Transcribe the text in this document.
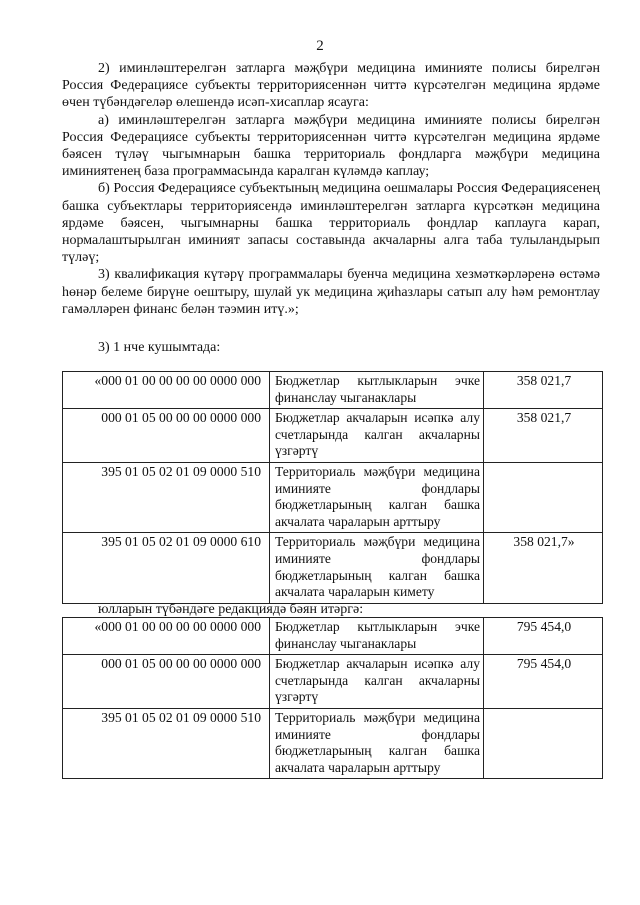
2

2) иминләштерелгән затларга мәҗбүри медицина иминияте полисы бирелгән Россия Федерациясе субъекты территориясеннән читтә күрсәтелгән медицина ярдәме өчен түбәндәгеләр өлешендә исәп-хисаплар ясауга:

а) иминләштерелгән затларга мәҗбүри медицина иминияте полисы бирелгән Россия Федерациясе субъекты территориясеннән читтә күрсәтелгән медицина ярдәме бәясен түләү чыгымнарын башка территориаль фондларга мәҗбүри медицина иминиятенең база программасында каралган күләмдә каплау;

б) Россия Федерациясе субъектының медицина оешмалары Россия Федерациясенең башка субъектлары территориясендә иминләштерелгән затларга күрсәткән медицина ярдәме бәясен, чыгымнарны башка территориаль фондлар каплауга карап, нормалаштырылган иминият запасы составында акчаларны алга таба тулыландырып түләү;

3) квалификация күтәрү программалары буенча медицина хезмәткәрләренә өстәмә һөнәр белеме бирүне оештыру, шулай ук медицина җиһазлары сатып алу һәм ремонтлау гамәлләрен финанс белән тәэмин итү.»;

3) 1 нче кушымтада:
«000 01 00 00 00 00 0000 000	Бюджетлар кытлыкларын эчке финанслау чыганаклары	358 021,7
000 01 05 00 00 00 0000 000	Бюджетлар акчаларын исәпкә алу счетларында калган акчаларны үзгәртү	358 021,7
395 01 05 02 01 09 0000 510	Территориаль мәҗбүри медицина иминияте фондлары бюджетларының калган башка акчалата чараларын арттыру	
395 01 05 02 01 09 0000 610	Территориаль мәҗбүри медицина иминияте фондлары бюджетларының калган башка акчалата чараларын кимету	358 021,7»
юлларын түбәндәге редакциядә бәян итәргә:
«000 01 00 00 00 00 0000 000	Бюджетлар кытлыкларын эчке финанслау чыганаклары	795 454,0
000 01 05 00 00 00 0000 000	Бюджетлар акчаларын исәпкә алу счетларында калган акчаларны үзгәртү	795 454,0
395 01 05 02 01 09 0000 510	Территориаль мәҗбүри медицина иминияте фондлары бюджетларының калган башка акчалата чараларын арттыру	
